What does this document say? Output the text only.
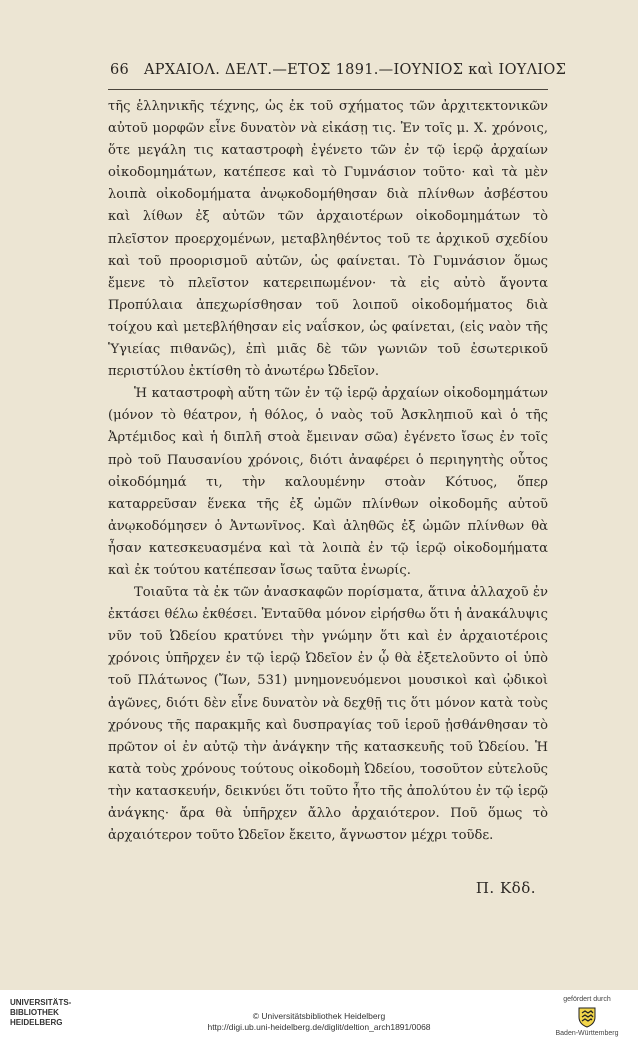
66 ΑΡΧΑΙΟΛ. ΔΕΛΤ.—ΕΤΟΣ 1891.—ΙΟΥΝΙΟΣ καὶ ΙΟΥΛΙΟΣ

τῆς ἑλληνικῆς τέχνης, ὡς ἐκ τοῦ σχήματος τῶν ἀρχιτεκτονικῶν αὐτοῦ μορφῶν εἶνε δυνατὸν νὰ εἰκάσῃ τις. Ἐν τοῖς μ. Χ. χρόνοις, ὅτε μεγάλη τις καταστροφὴ ἐγένετο τῶν ἐν τῷ ἱερῷ ἀρχαίων οἰκοδομημάτων, κατέπεσε καὶ τὸ Γυμνάσιον τοῦτο· καὶ τὰ μὲν λοιπὰ οἰκοδομήματα ἀνῳκοδομήθησαν διὰ πλίνθων ἀσβέστου καὶ λίθων ἐξ αὐτῶν τῶν ἀρχαιοτέρων οἰκοδομημάτων τὸ πλεῖστον προερχομένων, μεταβληθέντος τοῦ τε ἀρχικοῦ σχεδίου καὶ τοῦ προορισμοῦ αὐτῶν, ὡς φαίνεται. Τὸ Γυμνάσιον ὅμως ἔμενε τὸ πλεῖστον κατερειπωμένον· τὰ εἰς αὐτὸ ἄγοντα Προπύλαια ἀπεχωρίσθησαν τοῦ λοιποῦ οἰκοδομήματος διὰ τοίχου καὶ μετεβλήθησαν εἰς ναΐσκον, ὡς φαίνεται, (εἰς ναὸν τῆς Ὑγιείας πιθανῶς), ἐπὶ μιᾶς δὲ τῶν γωνιῶν τοῦ ἐσωτερικοῦ περιστύλου ἐκτίσθη τὸ ἀνωτέρω Ὠδεῖον.

Ἡ καταστροφὴ αὕτη τῶν ἐν τῷ ἱερῷ ἀρχαίων οἰκοδομημάτων (μόνον τὸ θέατρον, ἡ θόλος, ὁ ναὸς τοῦ Ἀσκληπιοῦ καὶ ὁ τῆς Ἀρτέμιδος καὶ ἡ διπλῆ στοὰ ἔμειναν σῶα) ἐγένετο ἴσως ἐν τοῖς πρὸ τοῦ Παυσανίου χρόνοις, διότι ἀναφέρει ὁ περιηγητὴς οὗτος οἰκοδόμημά τι, τὴν καλουμένην στοὰν Κότυος, ὅπερ καταρρεῦσαν ἕνεκα τῆς ἐξ ὠμῶν πλίνθων οἰκοδομῆς αὐτοῦ ἀνῳκοδόμησεν ὁ Ἀντωνῖνος. Καὶ ἀληθῶς ἐξ ὠμῶν πλίνθων θὰ ἦσαν κατεσκευασμένα καὶ τὰ λοιπὰ ἐν τῷ ἱερῷ οἰκοδομήματα καὶ ἐκ τούτου κατέπεσαν ἴσως ταῦτα ἐνωρίς.

Τοιαῦτα τὰ ἐκ τῶν ἀνασκαφῶν πορίσματα, ἅτινα ἀλλαχοῦ ἐν ἐκτάσει θέλω ἐκθέσει. Ἐνταῦθα μόνον εἰρήσθω ὅτι ἡ ἀνακάλυψις νῦν τοῦ Ὠδείου κρατύνει τὴν γνώμην ὅτι καὶ ἐν ἀρχαιοτέροις χρόνοις ὑπῆρχεν ἐν τῷ ἱερῷ Ὠδεῖον ἐν ᾧ θὰ ἐξετελοῦντο οἱ ὑπὸ τοῦ Πλάτωνος (Ἴων, 531) μνημονευόμενοι μουσικοὶ καὶ ᾠδικοὶ ἀγῶνες, διότι δὲν εἶνε δυνατὸν νὰ δεχθῇ τις ὅτι μόνον κατὰ τοὺς χρόνους τῆς παρακμῆς καὶ δυσπραγίας τοῦ ἱεροῦ ᾐσθάνθησαν τὸ πρῶτον οἱ ἐν αὐτῷ τὴν ἀνάγκην τῆς κατασκευῆς τοῦ Ὠδείου. Ἡ κατὰ τοὺς χρόνους τούτους οἰκοδομὴ Ὠδείου, τοσοῦτον εὐτελοῦς τὴν κατασκευήν, δεικνύει ὅτι τοῦτο ἦτο τῆς ἀπολύτου ἐν τῷ ἱερῷ ἀνάγκης· ἄρα θὰ ὑπῆρχεν ἄλλο ἀρχαιότερον. Ποῦ ὅμως τὸ ἀρχαιότερον τοῦτο Ὠδεῖον ἔκειτο, ἄγνωστον μέχρι τοῦδε.

Π. Κδδ.
UNIVERSITÄTS-BIBLIOTHEK HEIDELBERG
© Universitätsbibliothek Heidelberg
http://digi.ub.uni-heidelberg.de/diglit/deltion_arch1891/0068
gefördert durch
Baden-Württemberg
